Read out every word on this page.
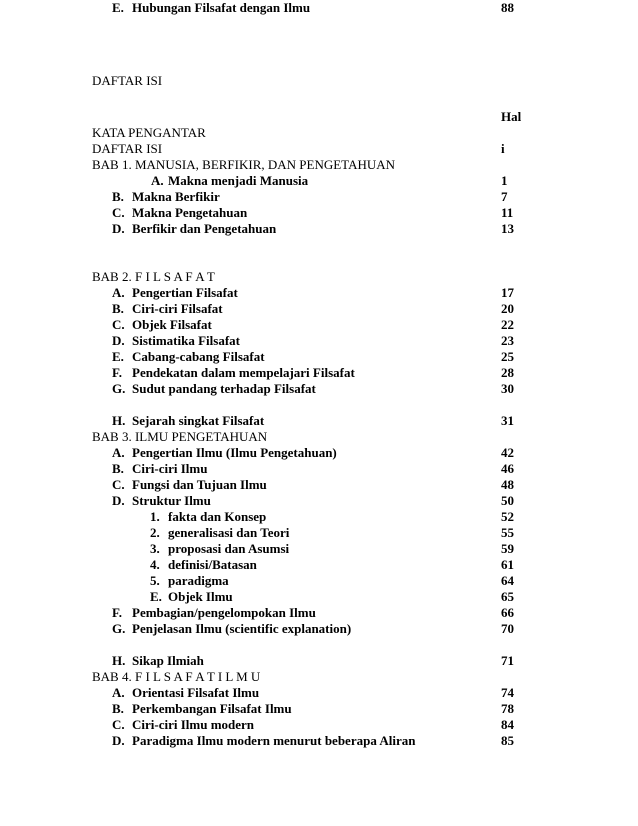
DAFTAR ISI
Hal
KATA PENGANTAR
DAFTAR ISI	i
BAB 1. MANUSIA, BERFIKIR, DAN PENGETAHUAN
A. Makna menjadi Manusia	1
B. Makna Berfikir	7
C. Makna Pengetahuan	11
D. Berfikir dan Pengetahuan	13
BAB 2. F I L S A F A T
A. Pengertian Filsafat	17
B. Ciri-ciri Filsafat	20
C. Objek Filsafat	22
D. Sistimatika Filsafat	23
E. Cabang-cabang Filsafat	25
F. Pendekatan dalam mempelajari Filsafat	28
G. Sudut pandang terhadap Filsafat	30
H. Sejarah singkat Filsafat	31
BAB 3. ILMU PENGETAHUAN
A. Pengertian Ilmu (Ilmu Pengetahuan)	42
B. Ciri-ciri Ilmu	46
C. Fungsi dan Tujuan Ilmu	48
D. Struktur Ilmu	50
1. fakta dan Konsep	52
2. generalisasi dan Teori	55
3. proposasi dan Asumsi	59
4. definisi/Batasan	61
5. paradigma	64
E. Objek Ilmu	65
F. Pembagian/pengelompokan Ilmu	66
G. Penjelasan Ilmu (scientific explanation)	70
H. Sikap Ilmiah	71
BAB 4. F I L S A F A T I L M U
A. Orientasi Filsafat Ilmu	74
B. Perkembangan Filsafat Ilmu	78
C. Ciri-ciri Ilmu modern	84
D. Paradigma Ilmu modern menurut beberapa Aliran	85
E. Hubungan Filsafat dengan Ilmu	88
